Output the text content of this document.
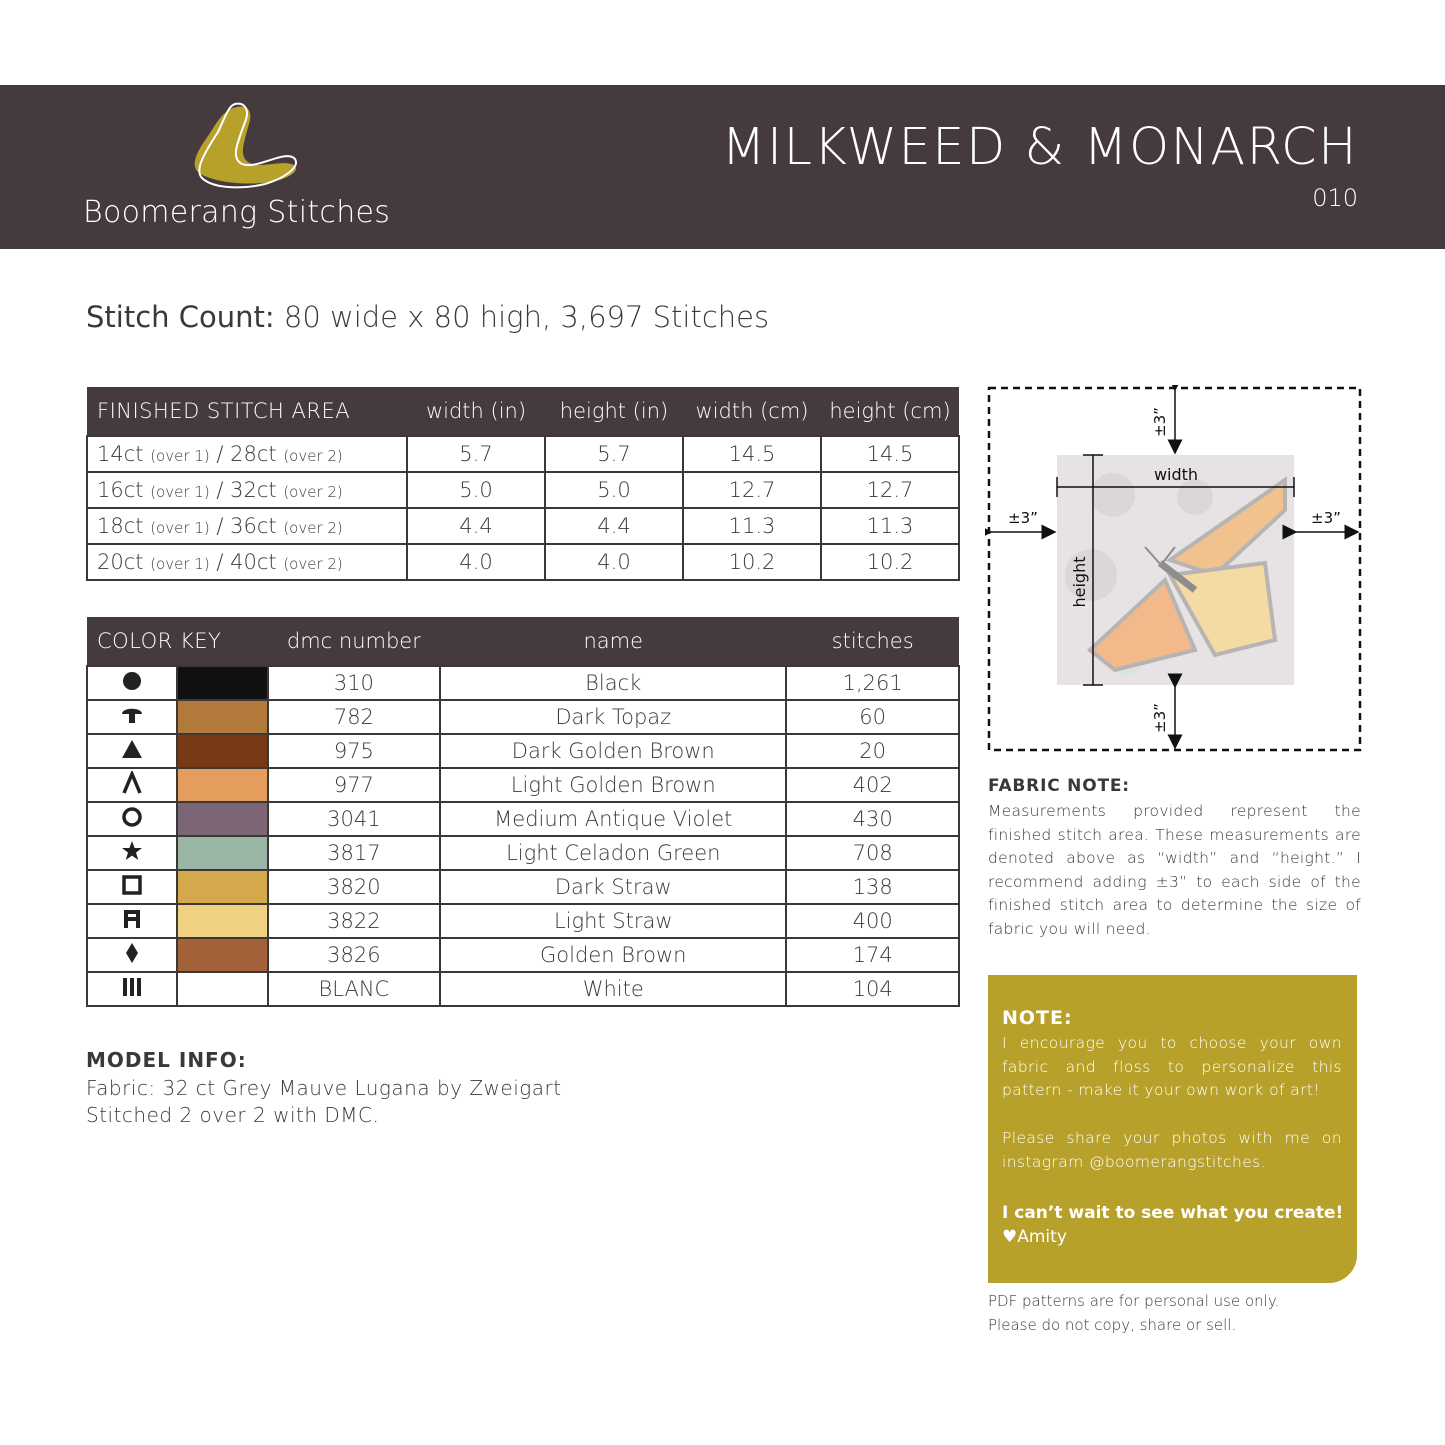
Boomerang Stitches
MILKWEED & MONARCH
010
Stitch Count: 80 wide x 80 high, 3,697 Stitches
FINISHED STITCH AREA	width (in)	height (in)	width (cm)	height (cm)
14ct (over 1) / 28ct (over 2)	5.7	5.7	14.5	14.5
16ct (over 1) / 32ct (over 2)	5.0	5.0	12.7	12.7
18ct (over 1) / 36ct (over 2)	4.4	4.4	11.3	11.3
20ct (over 1) / 40ct (over 2)	4.0	4.0	10.2	10.2
COLOR KEY		dmc number	name	stitches

	310	Black	1,261

	782	Dark Topaz	60

	975	Dark Golden Brown	20

	977	Light Golden Brown	402

	3041	Medium Antique Violet	430

	3817	Light Celadon Green	708

	3820	Dark Straw	138

	3822	Light Straw	400

	3826	Golden Brown	174

	BLANC	White	104
MODEL INFO:
Fabric: 32 ct Grey Mauve Lugana by Zweigart
Stitched 2 over 2 with DMC.
width
height
±3”
±3”
±3”	±3”
FABRIC NOTE:
Measurements provided represent the finished stitch area. These measurements are denoted above as “width” and “height.” I recommend adding ±3” to each side of the finished stitch area to determine the size of fabric you will need.
NOTE:
I encourage you to choose your own fabric and floss to personalize this pattern - make it your own work of art!
Please share your photos with me on instagram @boomerangstitches.
I can’t wait to see what you create!
♥Amity
PDF patterns are for personal use only.
Please do not copy, share or sell.
